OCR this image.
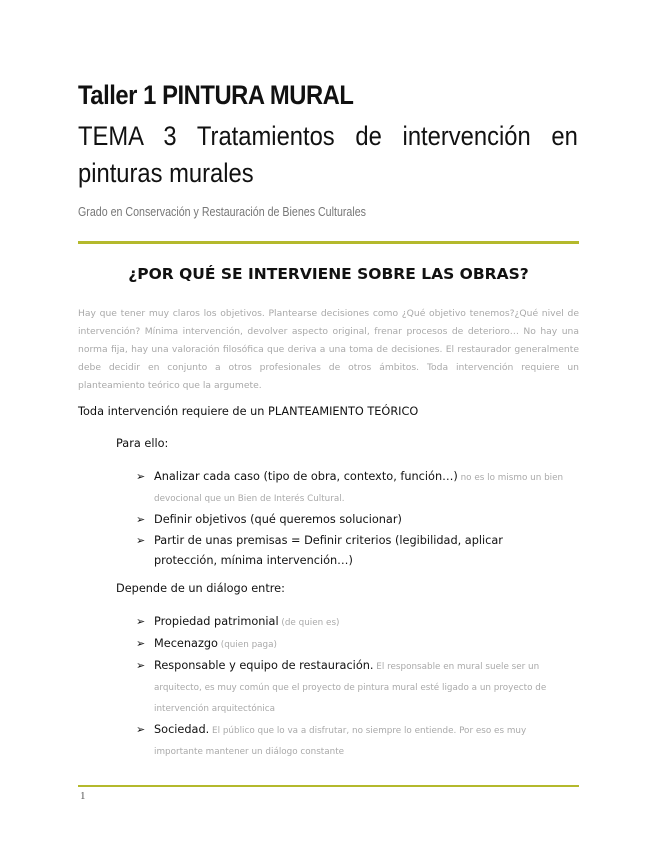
Taller 1 PINTURA MURAL
TEMA 3 Tratamientos de intervención en pinturas murales
Grado en Conservación y Restauración de Bienes Culturales
¿POR QUÉ SE INTERVIENE SOBRE LAS OBRAS?
Hay que tener muy claros los objetivos. Plantearse decisiones como ¿Qué objetivo tenemos?¿Qué nivel de intervención? Mínima intervención, devolver aspecto original, frenar procesos de deterioro… No hay una norma fija, hay una valoración filosófica que deriva a una toma de decisiones. El restaurador generalmente debe decidir en conjunto a otros profesionales de otros ámbitos. Toda intervención requiere un planteamiento teórico que la argumete.
Toda intervención requiere de un PLANTEAMIENTO TEÓRICO
Para ello:
➢ Analizar cada caso (tipo de obra, contexto, función…) no es lo mismo un bien devocional que un Bien de Interés Cultural.
➢ Definir objetivos (qué queremos solucionar)
➢ Partir de unas premisas = Definir criterios (legibilidad, aplicar protección, mínima intervención…)
Depende de un diálogo entre:
➢ Propiedad patrimonial (de quien es)
➢ Mecenazgo (quien paga)
➢ Responsable y equipo de restauración. El responsable en mural suele ser un arquitecto, es muy común que el proyecto de pintura mural esté ligado a un proyecto de intervención arquitectónica
➢ Sociedad. El público que lo va a disfrutar, no siempre lo entiende. Por eso es muy importante mantener un diálogo constante
1
